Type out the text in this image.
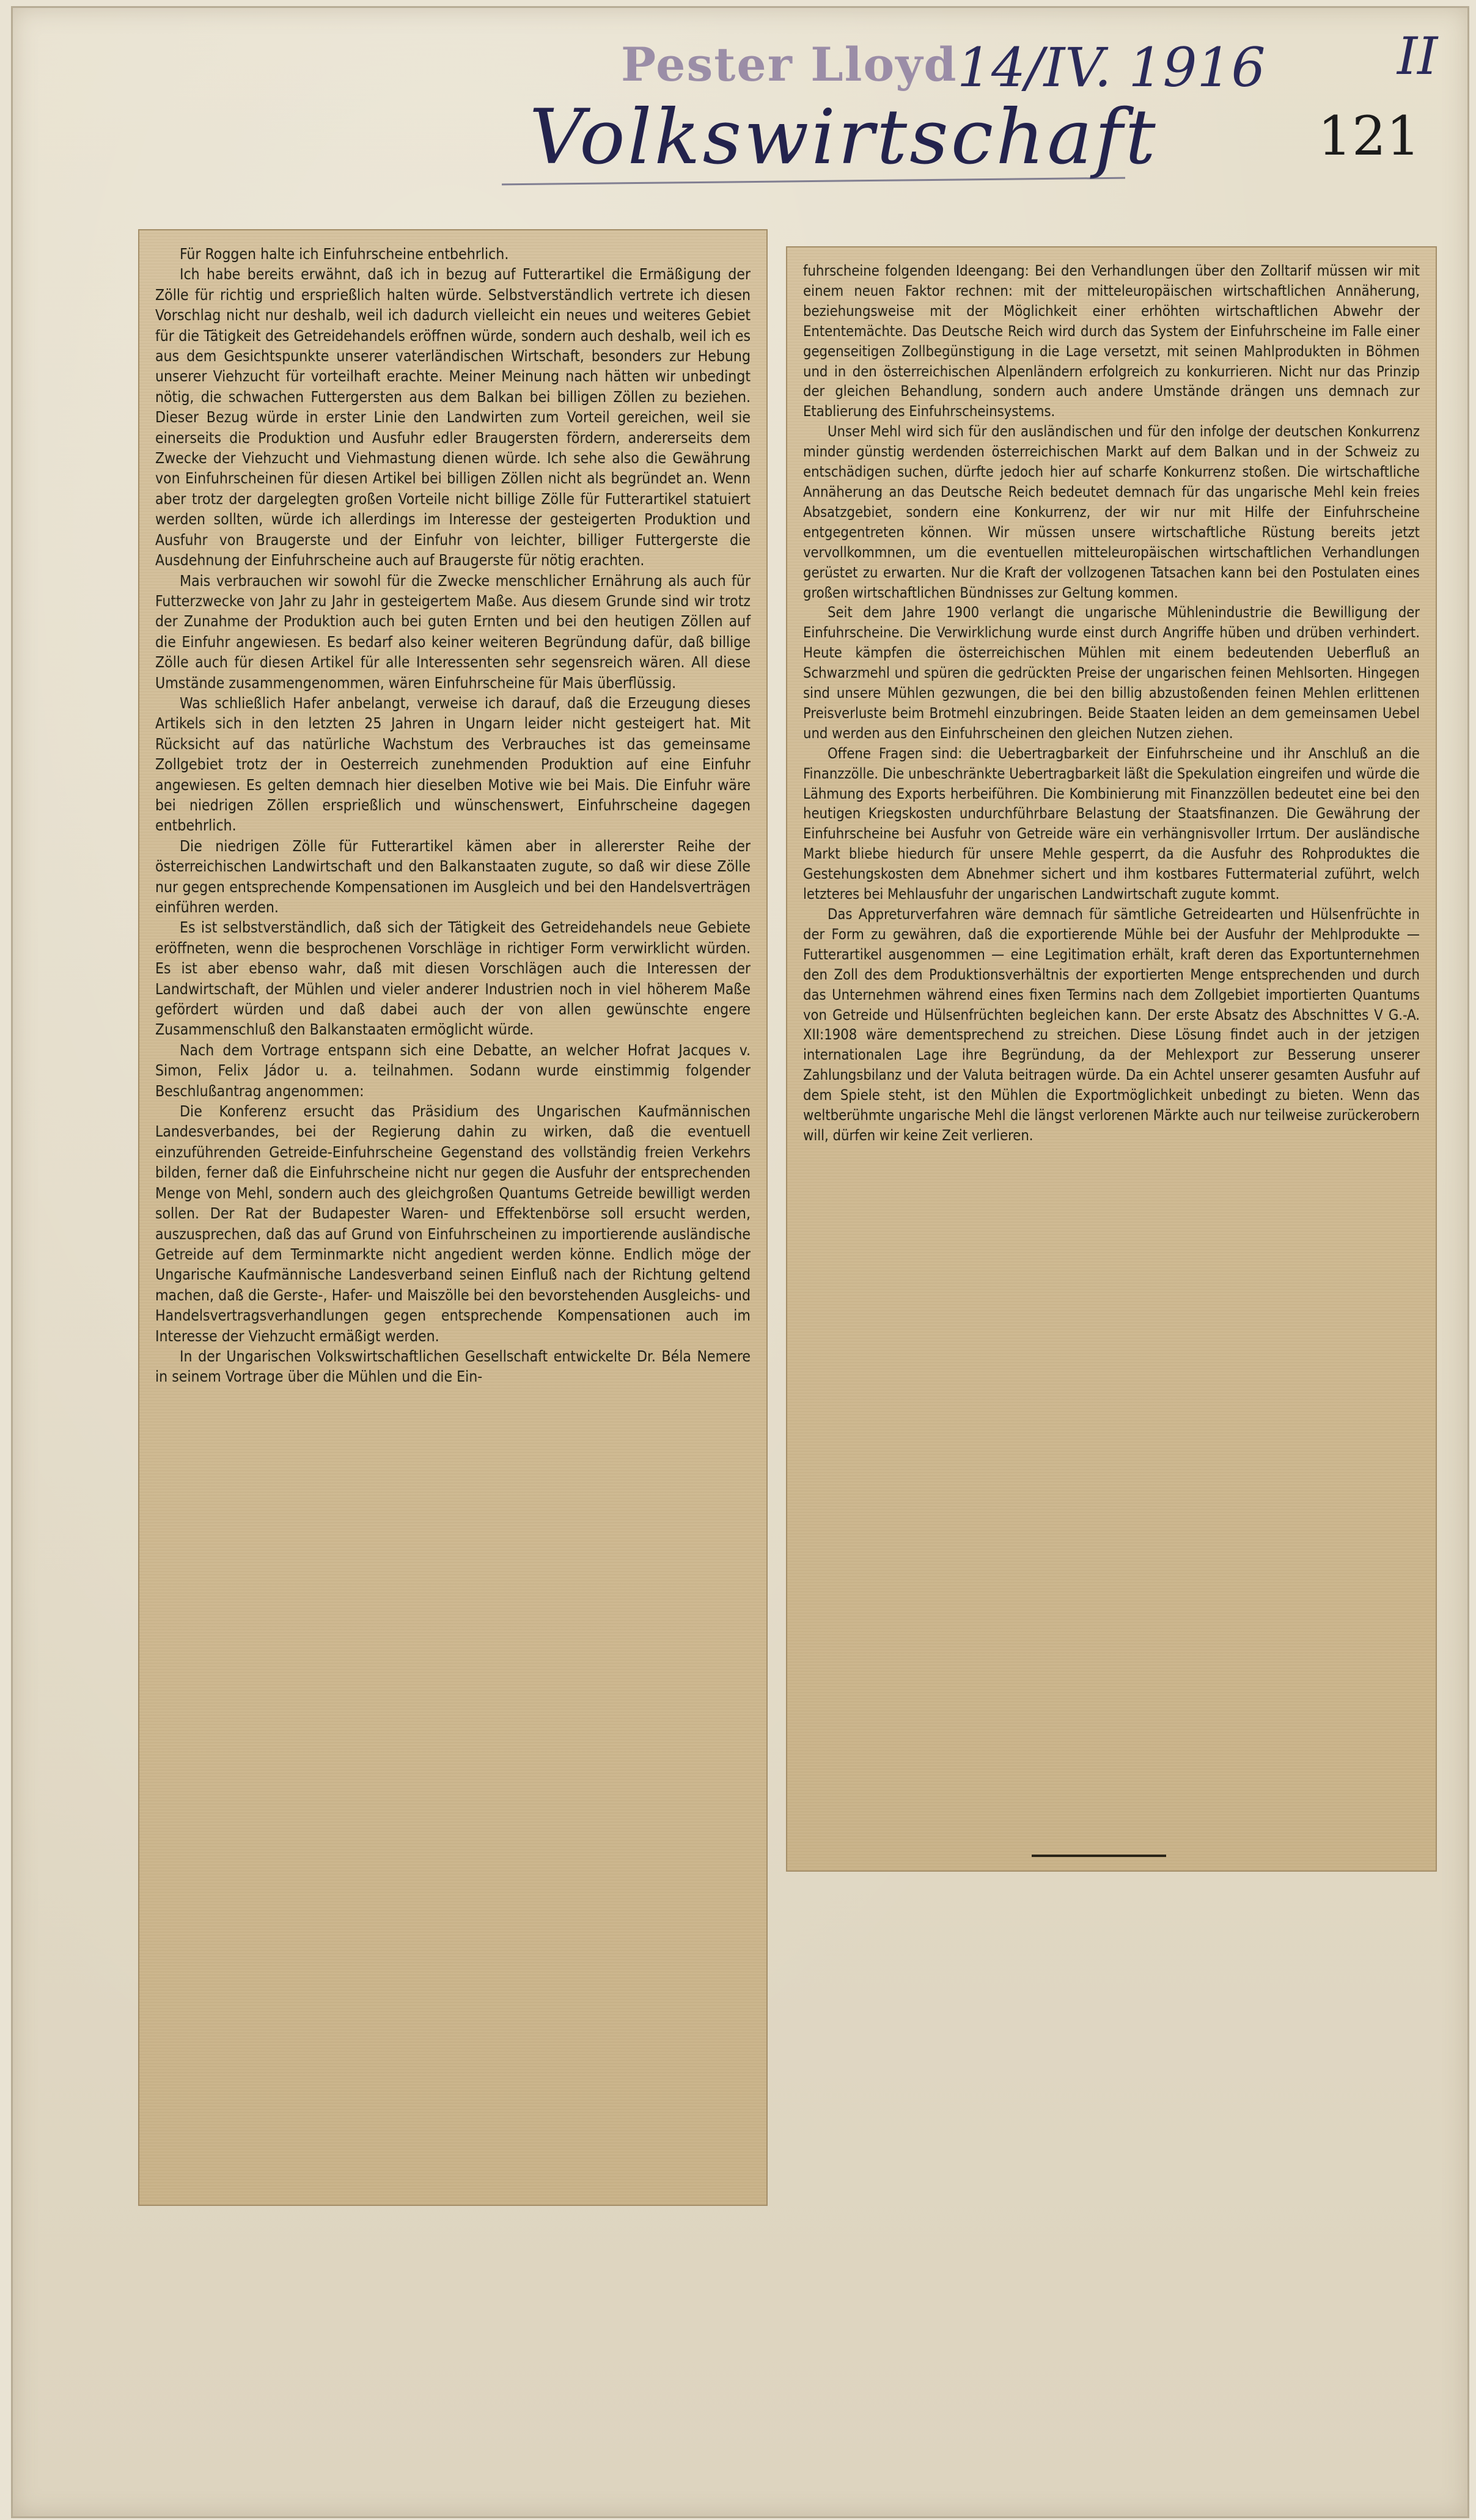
Pester Lloyd 14/IV. 1916	II
Volkswirtschaft	121

Für Roggen halte ich Einfuhrscheine entbehrlich.

Ich habe bereits erwähnt, daß ich in bezug auf Futterartikel die Ermäßigung der Zölle für richtig und ersprießlich halten würde. Selbstverständlich vertrete ich diesen Vorschlag nicht nur deshalb, weil ich dadurch vielleicht ein neues und weiteres Gebiet für die Tätigkeit des Getreidehandels eröffnen würde, sondern auch deshalb, weil ich es aus dem Gesichtspunkte unserer vaterländischen Wirtschaft, besonders zur Hebung unserer Viehzucht für vorteilhaft erachte. Meiner Meinung nach hätten wir unbedingt nötig, die schwachen Futtergersten aus dem Balkan bei billigen Zöllen zu beziehen. Dieser Bezug würde in erster Linie den Landwirten zum Vorteil gereichen, weil sie einerseits die Produktion und Ausfuhr edler Braugersten fördern, andererseits dem Zwecke der Viehzucht und Viehmastung dienen würde. Ich sehe also die Gewährung von Einfuhrscheinen für diesen Artikel bei billigen Zöllen nicht als begründet an. Wenn aber trotz der dargelegten großen Vorteile nicht billige Zölle für Futterartikel statuiert werden sollten, würde ich allerdings im Interesse der gesteigerten Produktion und Ausfuhr von Braugerste und der Einfuhr von leichter, billiger Futtergerste die Ausdehnung der Einfuhrscheine auch auf Braugerste für nötig erachten.

Mais verbrauchen wir sowohl für die Zwecke menschlicher Ernährung als auch für Futterzwecke von Jahr zu Jahr in gesteigertem Maße. Aus diesem Grunde sind wir trotz der Zunahme der Produktion auch bei guten Ernten und bei den heutigen Zöllen auf die Einfuhr angewiesen. Es bedarf also keiner weiteren Begründung dafür, daß billige Zölle auch für diesen Artikel für alle Interessenten sehr segensreich wären. All diese Umstände zusammengenommen, wären Einfuhrscheine für Mais überflüssig.

Was schließlich Hafer anbelangt, verweise ich darauf, daß die Erzeugung dieses Artikels sich in den letzten 25 Jahren in Ungarn leider nicht gesteigert hat. Mit Rücksicht auf das natürliche Wachstum des Verbrauches ist das gemeinsame Zollgebiet trotz der in Oesterreich zunehmenden Produktion auf eine Einfuhr angewiesen. Es gelten demnach hier dieselben Motive wie bei Mais. Die Einfuhr wäre bei niedrigen Zöllen ersprießlich und wünschenswert, Einfuhrscheine dagegen entbehrlich.

Die niedrigen Zölle für Futterartikel kämen aber in allererster Reihe der österreichischen Landwirtschaft und den Balkanstaaten zugute, so daß wir diese Zölle nur gegen entsprechende Kompensationen im Ausgleich und bei den Handelsverträgen einführen werden.

Es ist selbstverständlich, daß sich der Tätigkeit des Getreidehandels neue Gebiete eröffneten, wenn die besprochenen Vorschläge in richtiger Form verwirklicht würden. Es ist aber ebenso wahr, daß mit diesen Vorschlägen auch die Interessen der Landwirtschaft, der Mühlen und vieler anderer Industrien noch in viel höherem Maße gefördert würden und daß dabei auch der von allen gewünschte engere Zusammenschluß den Balkanstaaten ermöglicht würde.

Nach dem Vortrage entspann sich eine Debatte, an welcher Hofrat Jacques v. Simon, Felix Jádor u. a. teilnahmen. Sodann wurde einstimmig folgender Beschlußantrag angenommen:

Die Konferenz ersucht das Präsidium des Ungarischen Kaufmännischen Landesverbandes, bei der Regierung dahin zu wirken, daß die eventuell einzuführenden Getreide-Einfuhrscheine Gegenstand des vollständig freien Verkehrs bilden, ferner daß die Einfuhrscheine nicht nur gegen die Ausfuhr der entsprechenden Menge von Mehl, sondern auch des gleichgroßen Quantums Getreide bewilligt werden sollen. Der Rat der Budapester Waren- und Effektenbörse soll ersucht werden, auszusprechen, daß das auf Grund von Einfuhrscheinen zu importierende ausländische Getreide auf dem Terminmarkte nicht angedient werden könne. Endlich möge der Ungarische Kaufmännische Landesverband seinen Einfluß nach der Richtung geltend machen, daß die Gerste-, Hafer- und Maiszölle bei den bevorstehenden Ausgleichs- und Handelsvertragsverhandlungen gegen entsprechende Kompensationen auch im Interesse der Viehzucht ermäßigt werden.

In der Ungarischen Volkswirtschaftlichen Gesellschaft entwickelte Dr. Béla Nemere in seinem Vortrage über die Mühlen und die Ein-

fuhrscheine folgenden Ideengang: Bei den Verhandlungen über den Zolltarif müssen wir mit einem neuen Faktor rechnen: mit der mitteleuropäischen wirtschaftlichen Annäherung, beziehungsweise mit der Möglichkeit einer erhöhten wirtschaftlichen Abwehr der Ententemächte. Das Deutsche Reich wird durch das System der Einfuhrscheine im Falle einer gegenseitigen Zollbegünstigung in die Lage versetzt, mit seinen Mahlprodukten in Böhmen und in den österreichischen Alpenländern erfolgreich zu konkurrieren. Nicht nur das Prinzip der gleichen Behandlung, sondern auch andere Umstände drängen uns demnach zur Etablierung des Einfuhrscheinsystems.

Unser Mehl wird sich für den ausländischen und für den infolge der deutschen Konkurrenz minder günstig werdenden österreichischen Markt auf dem Balkan und in der Schweiz zu entschädigen suchen, dürfte jedoch hier auf scharfe Konkurrenz stoßen. Die wirtschaftliche Annäherung an das Deutsche Reich bedeutet demnach für das ungarische Mehl kein freies Absatzgebiet, sondern eine Konkurrenz, der wir nur mit Hilfe der Einfuhrscheine entgegentreten können. Wir müssen unsere wirtschaftliche Rüstung bereits jetzt vervollkommnen, um die eventuellen mitteleuropäischen wirtschaftlichen Verhandlungen gerüstet zu erwarten. Nur die Kraft der vollzogenen Tatsachen kann bei den Postulaten eines großen wirtschaftlichen Bündnisses zur Geltung kommen.

Seit dem Jahre 1900 verlangt die ungarische Mühlenindustrie die Bewilligung der Einfuhrscheine. Die Verwirklichung wurde einst durch Angriffe hüben und drüben verhindert. Heute kämpfen die österreichischen Mühlen mit einem bedeutenden Ueberfluß an Schwarzmehl und spüren die gedrückten Preise der ungarischen feinen Mehlsorten. Hingegen sind unsere Mühlen gezwungen, die bei den billig abzustoßenden feinen Mehlen erlittenen Preisverluste beim Brotmehl einzubringen. Beide Staaten leiden an dem gemeinsamen Uebel und werden aus den Einfuhrscheinen den gleichen Nutzen ziehen.

Offene Fragen sind: die Uebertragbarkeit der Einfuhrscheine und ihr Anschluß an die Finanzzölle. Die unbeschränkte Uebertragbarkeit läßt die Spekulation eingreifen und würde die Lähmung des Exports herbeiführen. Die Kombinierung mit Finanzzöllen bedeutet eine bei den heutigen Kriegskosten undurchführbare Belastung der Staatsfinanzen. Die Gewährung der Einfuhrscheine bei Ausfuhr von Getreide wäre ein verhängnisvoller Irrtum. Der ausländische Markt bliebe hiedurch für unsere Mehle gesperrt, da die Ausfuhr des Rohproduktes die Gestehungskosten dem Abnehmer sichert und ihm kostbares Futtermaterial zuführt, welch letzteres bei Mehlausfuhr der ungarischen Landwirtschaft zugute kommt.

Das Appreturverfahren wäre demnach für sämtliche Getreidearten und Hülsenfrüchte in der Form zu gewähren, daß die exportierende Mühle bei der Ausfuhr der Mehlprodukte — Futterartikel ausgenommen — eine Legitimation erhält, kraft deren das Exportunternehmen den Zoll des dem Produktionsverhältnis der exportierten Menge entsprechenden und durch das Unternehmen während eines fixen Termins nach dem Zollgebiet importierten Quantums von Getreide und Hülsenfrüchten begleichen kann. Der erste Absatz des Abschnittes V G.-A. XII:1908 wäre dementsprechend zu streichen. Diese Lösung findet auch in der jetzigen internationalen Lage ihre Begründung, da der Mehlexport zur Besserung unserer Zahlungsbilanz und der Valuta beitragen würde. Da ein Achtel unserer gesamten Ausfuhr auf dem Spiele steht, ist den Mühlen die Exportmöglichkeit unbedingt zu bieten. Wenn das weltberühmte ungarische Mehl die längst verlorenen Märkte auch nur teilweise zurückerobern will, dürfen wir keine Zeit verlieren.
